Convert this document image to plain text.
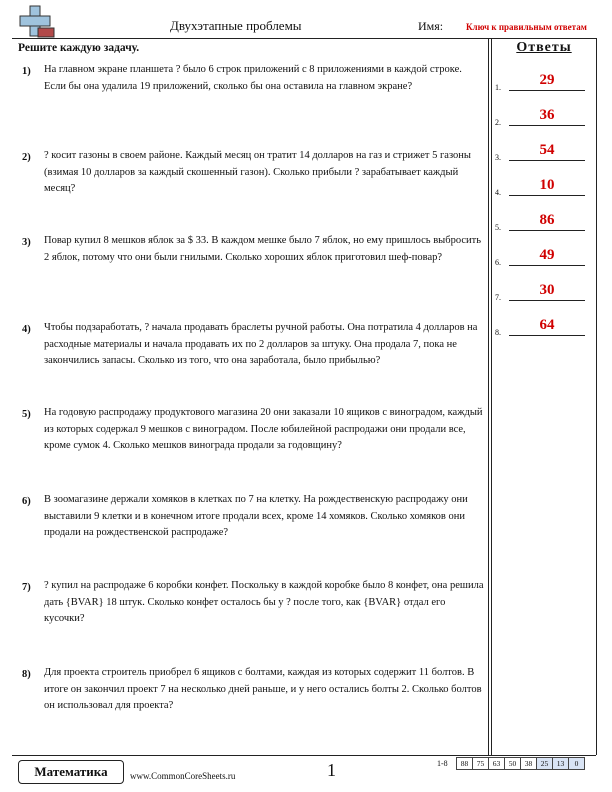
Двухэтапные проблемы	Имя:	Ключ к правильным ответам
Решите каждую задачу.	Ответы
1) На главном экране планшета ? было 6 строк приложений с 8 приложениями в каждой строке. Если бы она удалила 19 приложений, сколько бы она оставила на главном экране?
2) ? косит газоны в своем районе. Каждый месяц он тратит 14 долларов на газ и стрижет 5 газоны (взимая 10 долларов за каждый скошенный газон). Сколько прибыли ? зарабатывает каждый месяц?
3) Повар купил 8 мешков яблок за $ 33. В каждом мешке было 7 яблок, но ему пришлось выбросить 2 яблок, потому что они были гнилыми. Сколько хороших яблок приготовил шеф-повар?
4) Чтобы подзаработать, ? начала продавать браслеты ручной работы. Она потратила 4 долларов на расходные материалы и начала продавать их по 2 долларов за штуку. Она продала 7, пока не закончились запасы. Сколько из того, что она заработала, было прибылью?
5) На годовую распродажу продуктового магазина 20 они заказали 10 ящиков с виноградом, каждый из которых содержал 9 мешков с виноградом. После юбилейной распродажи они продали все, кроме сумок 4. Сколько мешков винограда продали за годовщину?
6) В зоомагазине держали хомяков в клетках по 7 на клетку. На рождественскую распродажу они выставили 9 клетки и в конечном итоге продали всех, кроме 14 хомяков. Сколько хомяков они продали на рождественской распродаже?
7) ? купил на распродаже 6 коробки конфет. Поскольку в каждой коробке было 8 конфет, она решила дать {BVAR} 18 штук. Сколько конфет осталось бы у ? после того, как {BVAR} отдал его кусочки?
8) Для проекта строитель приобрел 6 ящиков с болтами, каждая из которых содержит 11 болтов. В итоге он закончил проект 7 на несколько дней раньше, и у него остались болты 2. Сколько болтов он использовал для проекта?
1.	29
2.	36
3.	54
4.	10
5.	86
6.	49
7.	30
8.	64
Математика	www.CommonCoreSheets.ru	1	1-8	88	75	63	50	38	25	13	0
